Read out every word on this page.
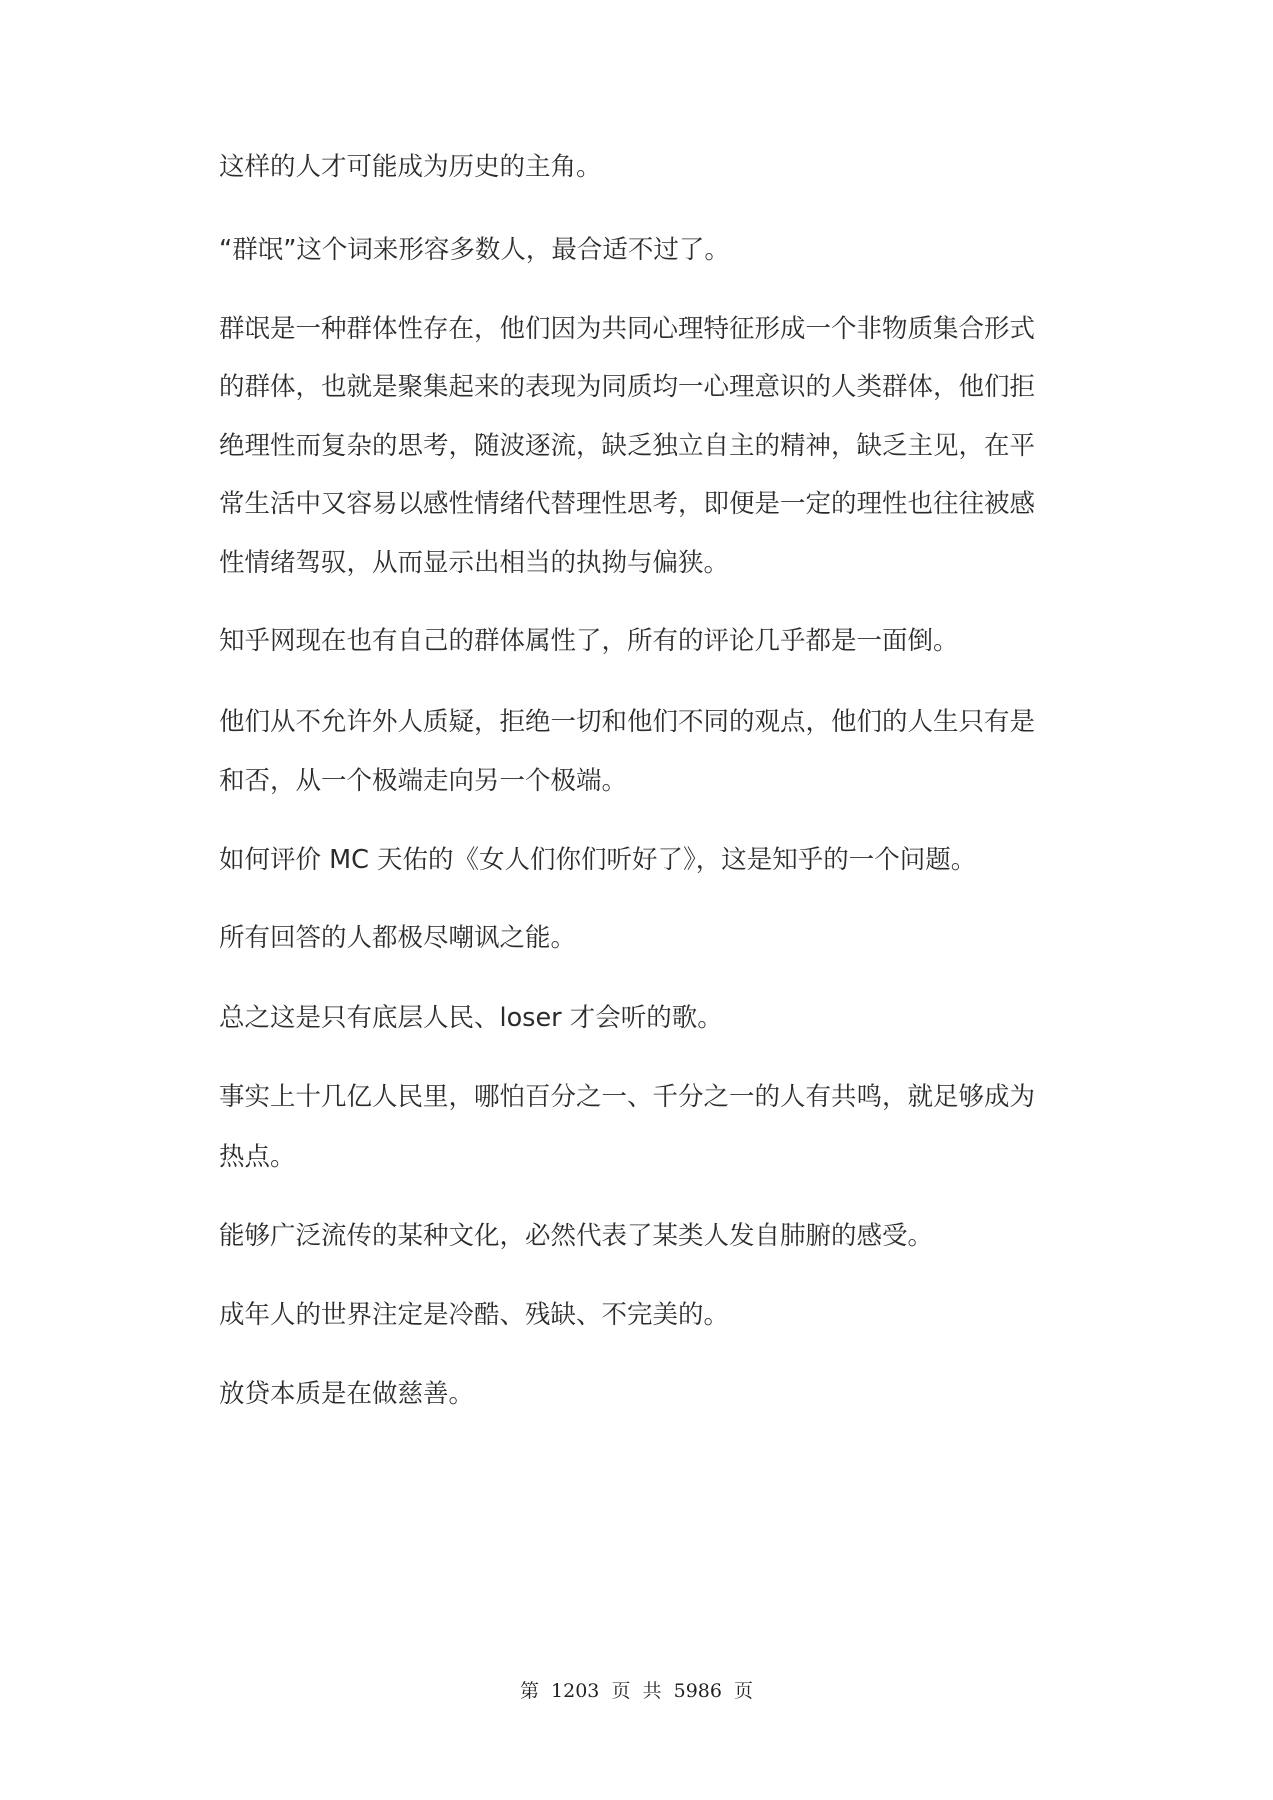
这样的人才可能成为历史的主角。
“群氓”这个词来形容多数人，最合适不过了。
群氓是一种群体性存在，他们因为共同心理特征形成一个非物质集合形式
的群体，也就是聚集起来的表现为同质均一心理意识的人类群体，他们拒
绝理性而复杂的思考，随波逐流，缺乏独立自主的精神，缺乏主见，在平
常生活中又容易以感性情绪代替理性思考，即便是一定的理性也往往被感
性情绪驾驭，从而显示出相当的执拗与偏狭。
知乎网现在也有自己的群体属性了，所有的评论几乎都是一面倒。
他们从不允许外人质疑，拒绝一切和他们不同的观点，他们的人生只有是
和否，从一个极端走向另一个极端。
如何评价 MC 天佑的《女人们你们听好了》，这是知乎的一个问题。
所有回答的人都极尽嘲讽之能。
总之这是只有底层人民、loser 才会听的歌。
事实上十几亿人民里，哪怕百分之一、千分之一的人有共鸣，就足够成为
热点。
能够广泛流传的某种文化，必然代表了某类人发自肺腑的感受。
成年人的世界注定是冷酷、残缺、不完美的。
放贷本质是在做慈善。
第  1203  页  共  5986  页
